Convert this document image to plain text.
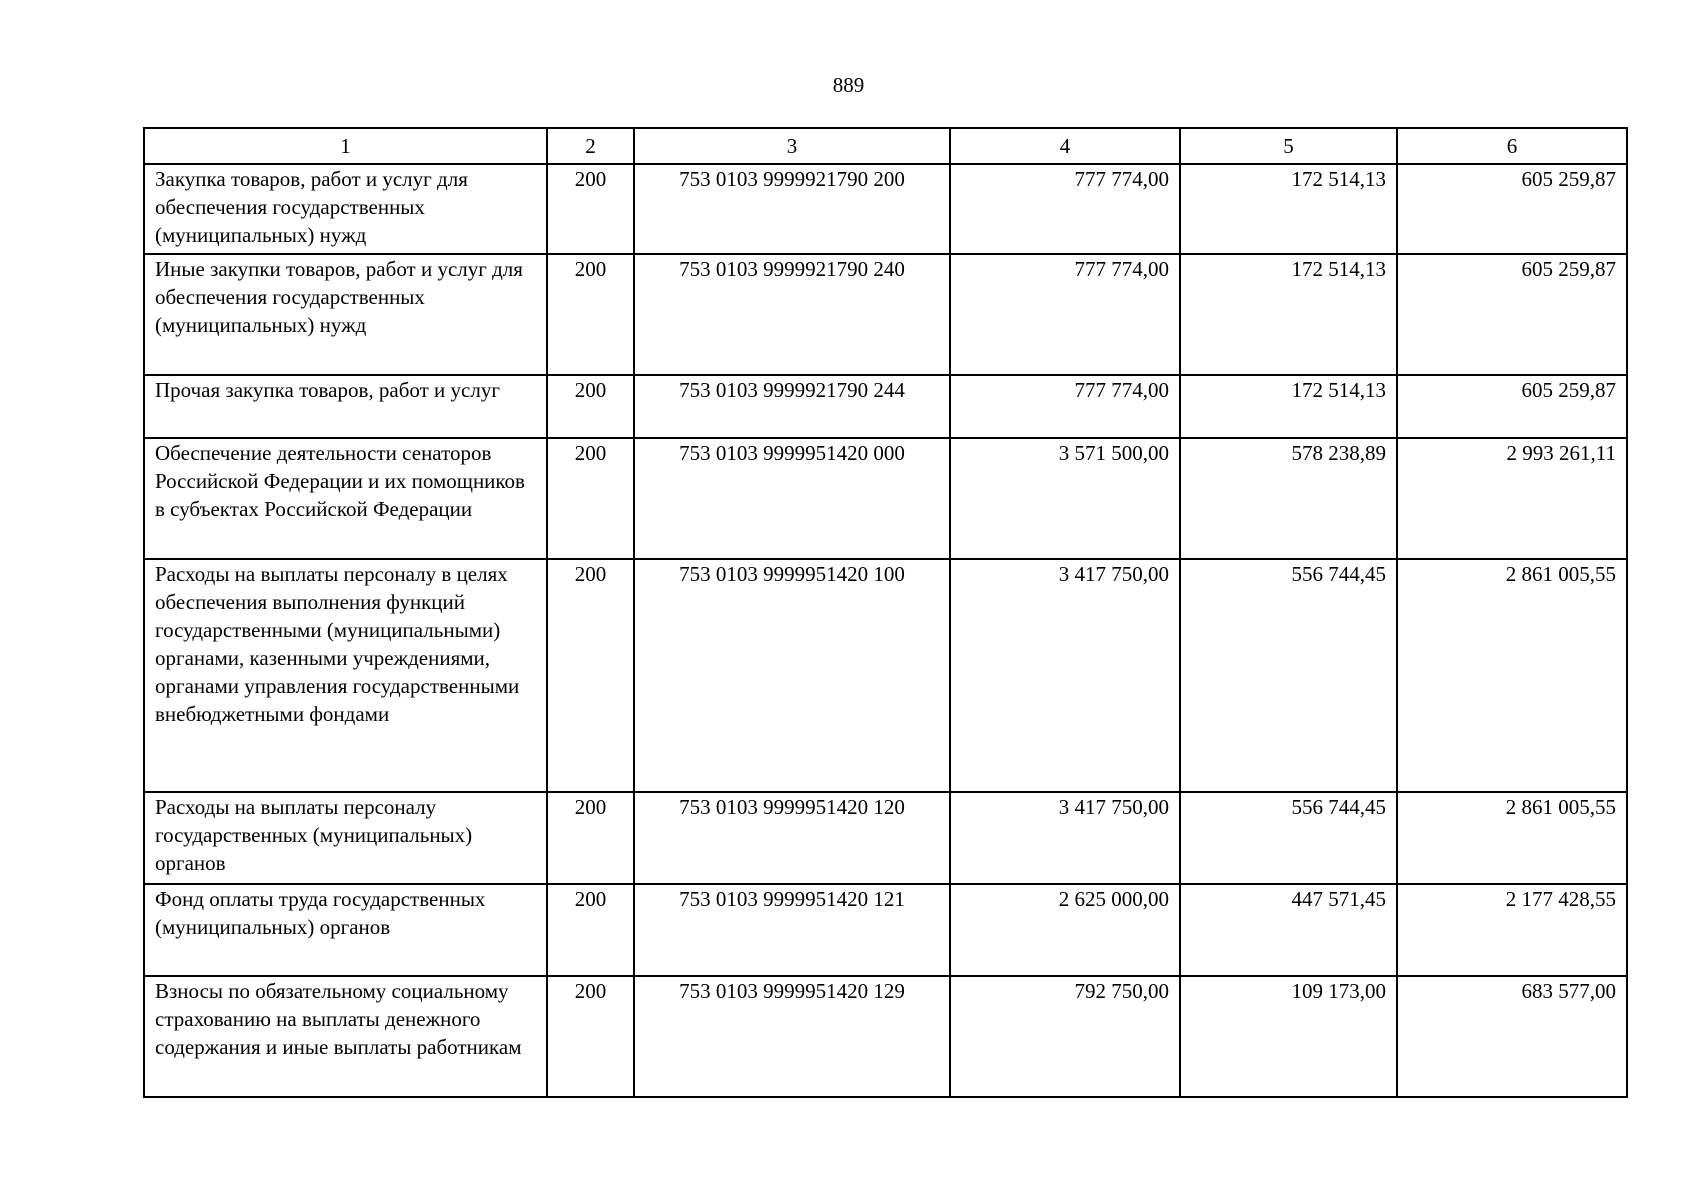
889
1	2	3	4	5	6
Закупка товаров, работ и услуг для обеспечения государственных (муниципальных) нужд	200	753 0103 9999921790 200	777 774,00	172 514,13	605 259,87
Иные закупки товаров, работ и услуг для обеспечения государственных (муниципальных) нужд	200	753 0103 9999921790 240	777 774,00	172 514,13	605 259,87
Прочая закупка товаров, работ и услуг	200	753 0103 9999921790 244	777 774,00	172 514,13	605 259,87
Обеспечение деятельности сенаторов Российской Федерации и их помощников в субъектах Российской Федерации	200	753 0103 9999951420 000	3 571 500,00	578 238,89	2 993 261,11
Расходы на выплаты персоналу в целях обеспечения выполнения функций государственными (муниципальными) органами, казенными учреждениями, органами управления государственными внебюджетными фондами	200	753 0103 9999951420 100	3 417 750,00	556 744,45	2 861 005,55
Расходы на выплаты персоналу государственных (муниципальных) органов	200	753 0103 9999951420 120	3 417 750,00	556 744,45	2 861 005,55
Фонд оплаты труда государственных (муниципальных) органов	200	753 0103 9999951420 121	2 625 000,00	447 571,45	2 177 428,55
Взносы по обязательному социальному страхованию на выплаты денежного содержания и иные выплаты работникам	200	753 0103 9999951420 129	792 750,00	109 173,00	683 577,00
